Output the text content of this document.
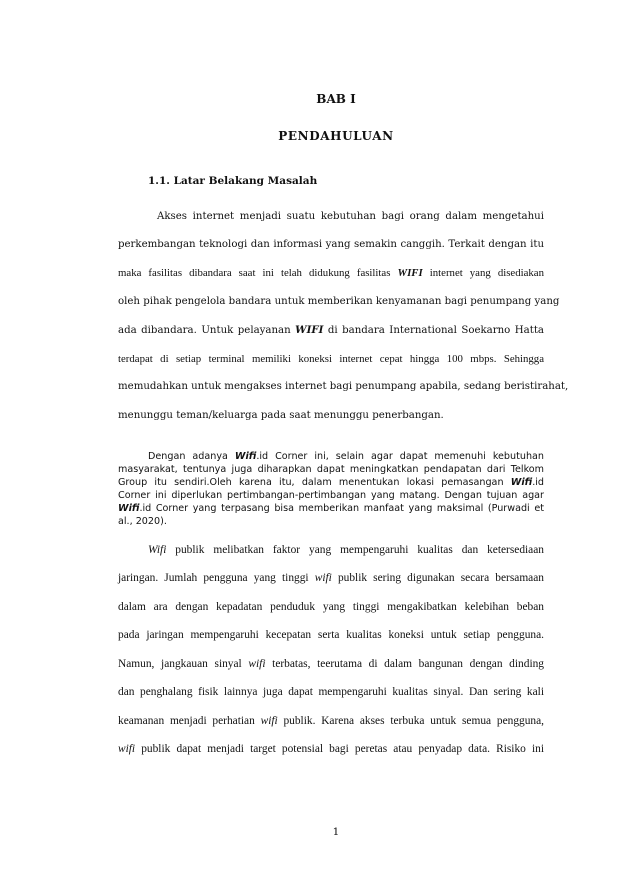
BAB I
PENDAHULUAN
1.1. Latar Belakang Masalah
Akses internet menjadi suatu kebutuhan bagi orang dalam mengetahui
perkembangan teknologi dan informasi yang semakin canggih. Terkait dengan itu
maka fasilitas dibandara saat ini telah didukung fasilitas WIFI internet yang disediakan
oleh pihak pengelola bandara untuk memberikan kenyamanan bagi penumpang yang
ada dibandara. Untuk pelayanan WIFI di bandara International Soekarno Hatta
terdapat di setiap terminal memiliki koneksi internet cepat hingga 100 mbps. Sehingga
memudahkan untuk mengakses internet bagi penumpang apabila, sedang beristirahat,
menunggu teman/keluarga pada saat menunggu penerbangan.
Dengan adanya Wifi.id Corner ini, selain agar dapat memenuhi kebutuhan
masyarakat, tentunya juga diharapkan dapat meningkatkan pendapatan dari Telkom
Group itu sendiri.Oleh karena itu, dalam menentukan lokasi pemasangan Wifi.id
Corner ini diperlukan pertimbangan-pertimbangan yang matang. Dengan tujuan agar
Wifi.id Corner yang terpasang bisa memberikan manfaat yang maksimal (Purwadi et
al., 2020).
Wifi publik melibatkan faktor yang mempengaruhi kualitas dan ketersediaan
jaringan. Jumlah pengguna yang tinggi wifi publik sering digunakan secara bersamaan
dalam ara dengan kepadatan penduduk yang tinggi mengakibatkan kelebihan beban
pada jaringan mempengaruhi kecepatan serta kualitas koneksi untuk setiap pengguna.
Namun, jangkauan sinyal wifi terbatas, teerutama di dalam bangunan dengan dinding
dan penghalang fisik lainnya juga dapat mempengaruhi kualitas sinyal. Dan sering kali
keamanan menjadi perhatian wifi publik. Karena akses terbuka untuk semua pengguna,
wifi publik dapat menjadi target potensial bagi peretas atau penyadap data. Risiko ini
1
